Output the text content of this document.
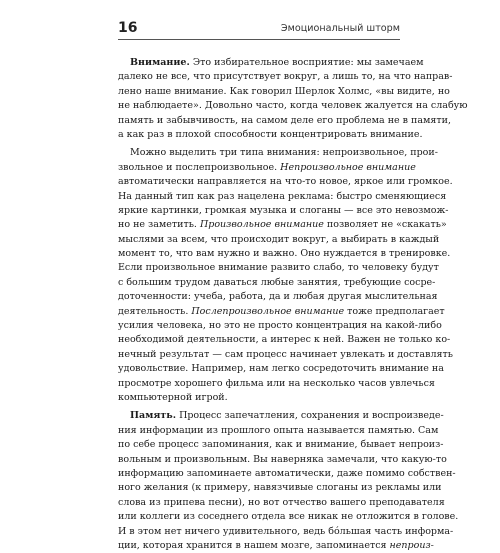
16	Эмоциональный шторм
Внимание. Это избирательное восприятие: мы замечаем
далеко не все, что присутствует вокруг, а лишь то, на что направ-
лено наше внимание. Как говорил Шерлок Холмс, «вы видите, но
не наблюдаете». Довольно часто, когда человек жалуется на слабую
память и забывчивость, на самом деле его проблема не в памяти,
а как раз в плохой способности концентрировать внимание.
Можно выделить три типа внимания: непроизвольное, прои-
звольное и послепроизвольное. Непроизвольное внимание
автоматически направляется на что-то новое, яркое или громкое.
На данный тип как раз нацелена реклама: быстро сменяющиеся
яркие картинки, громкая музыка и слоганы — все это невозмож-
но не заметить. Произвольное внимание позволяет не «скакать»
мыслями за всем, что происходит вокруг, а выбирать в каждый
момент то, что вам нужно и важно. Оно нуждается в тренировке.
Если произвольное внимание развито слабо, то человеку будут
с большим трудом даваться любые занятия, требующие сосре-
доточенности: учеба, работа, да и любая другая мыслительная
деятельность. Послепроизвольное внимание тоже предполагает
усилия человека, но это не просто концентрация на какой-либо
необходимой деятельности, а интерес к ней. Важен не только ко-
нечный результат — сам процесс начинает увлекать и доставлять
удовольствие. Например, нам легко сосредоточить внимание на
просмотре хорошего фильма или на несколько часов увлечься
компьютерной игрой.
Память. Процесс запечатления, сохранения и воспроизведе-
ния информации из прошлого опыта называется памятью. Сам
по себе процесс запоминания, как и внимание, бывает непроиз-
вольным и произвольным. Вы наверняка замечали, что какую-то
информацию запоминаете автоматически, даже помимо собствен-
ного желания (к примеру, навязчивые слоганы из рекламы или
слова из припева песни), но вот отчество вашего преподавателя
или коллеги из соседнего отдела все никак не отложится в голове.
И в этом нет ничего удивительного, ведь бóльшая часть информа-
ции, которая хранится в нашем мозге, запоминается непроиз-
